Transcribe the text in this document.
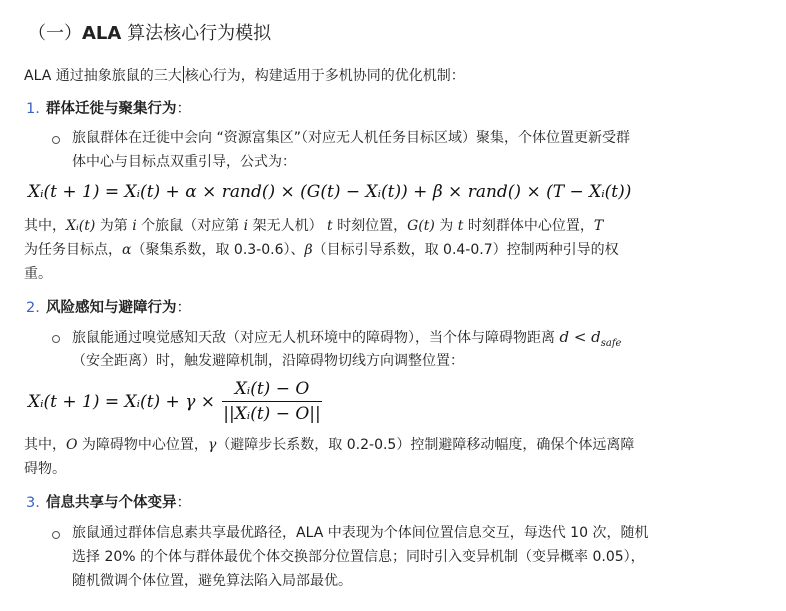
（一）ALA 算法核心行为模拟
ALA 通过抽象旅鼠的三大 核心行为，构建适用于多机协同的优化机制：
1. 群体迁徙与聚集行为：
旅鼠群体在迁徙中会向 “资源富集区”（对应无人机任务目标区域）聚集，个体位置更新受群
体中心与目标点双重引导，公式为：
Xᵢ(t + 1) = Xᵢ(t) + α × rand() × (G(t) − Xᵢ(t)) + β × rand() × (T − Xᵢ(t))
其中，Xᵢ(t) 为第 i 个旅鼠（对应第 i 架无人机） t 时刻位置，G(t) 为 t 时刻群体中心位置，T
为任务目标点，α（聚集系数，取 0.3-0.6）、β（目标引导系数，取 0.4-0.7）控制两种引导的权
重。
2. 风险感知与避障行为：
旅鼠能通过嗅觉感知天敌（对应无人机环境中的障碍物），当个体与障碍物距离 $d < d_{safe}$
（安全距离）时，触发避障机制，沿障碍物切线方向调整位置：
Xᵢ(t + 1) = Xᵢ(t) + γ ×
Xᵢ(t) − O
||Xᵢ(t) − O||
其中，O 为障碍物中心位置，γ（避障步长系数，取 0.2-0.5）控制避障移动幅度，确保个体远离障
碍物。
3. 信息共享与个体变异：
旅鼠通过群体信息素共享最优路径，ALA 中表现为个体间位置信息交互，每迭代 10 次，随机
选择 20% 的个体与群体最优个体交换部分位置信息；同时引入变异机制（变异概率 0.05），
随机微调个体位置，避免算法陷入局部最优。
